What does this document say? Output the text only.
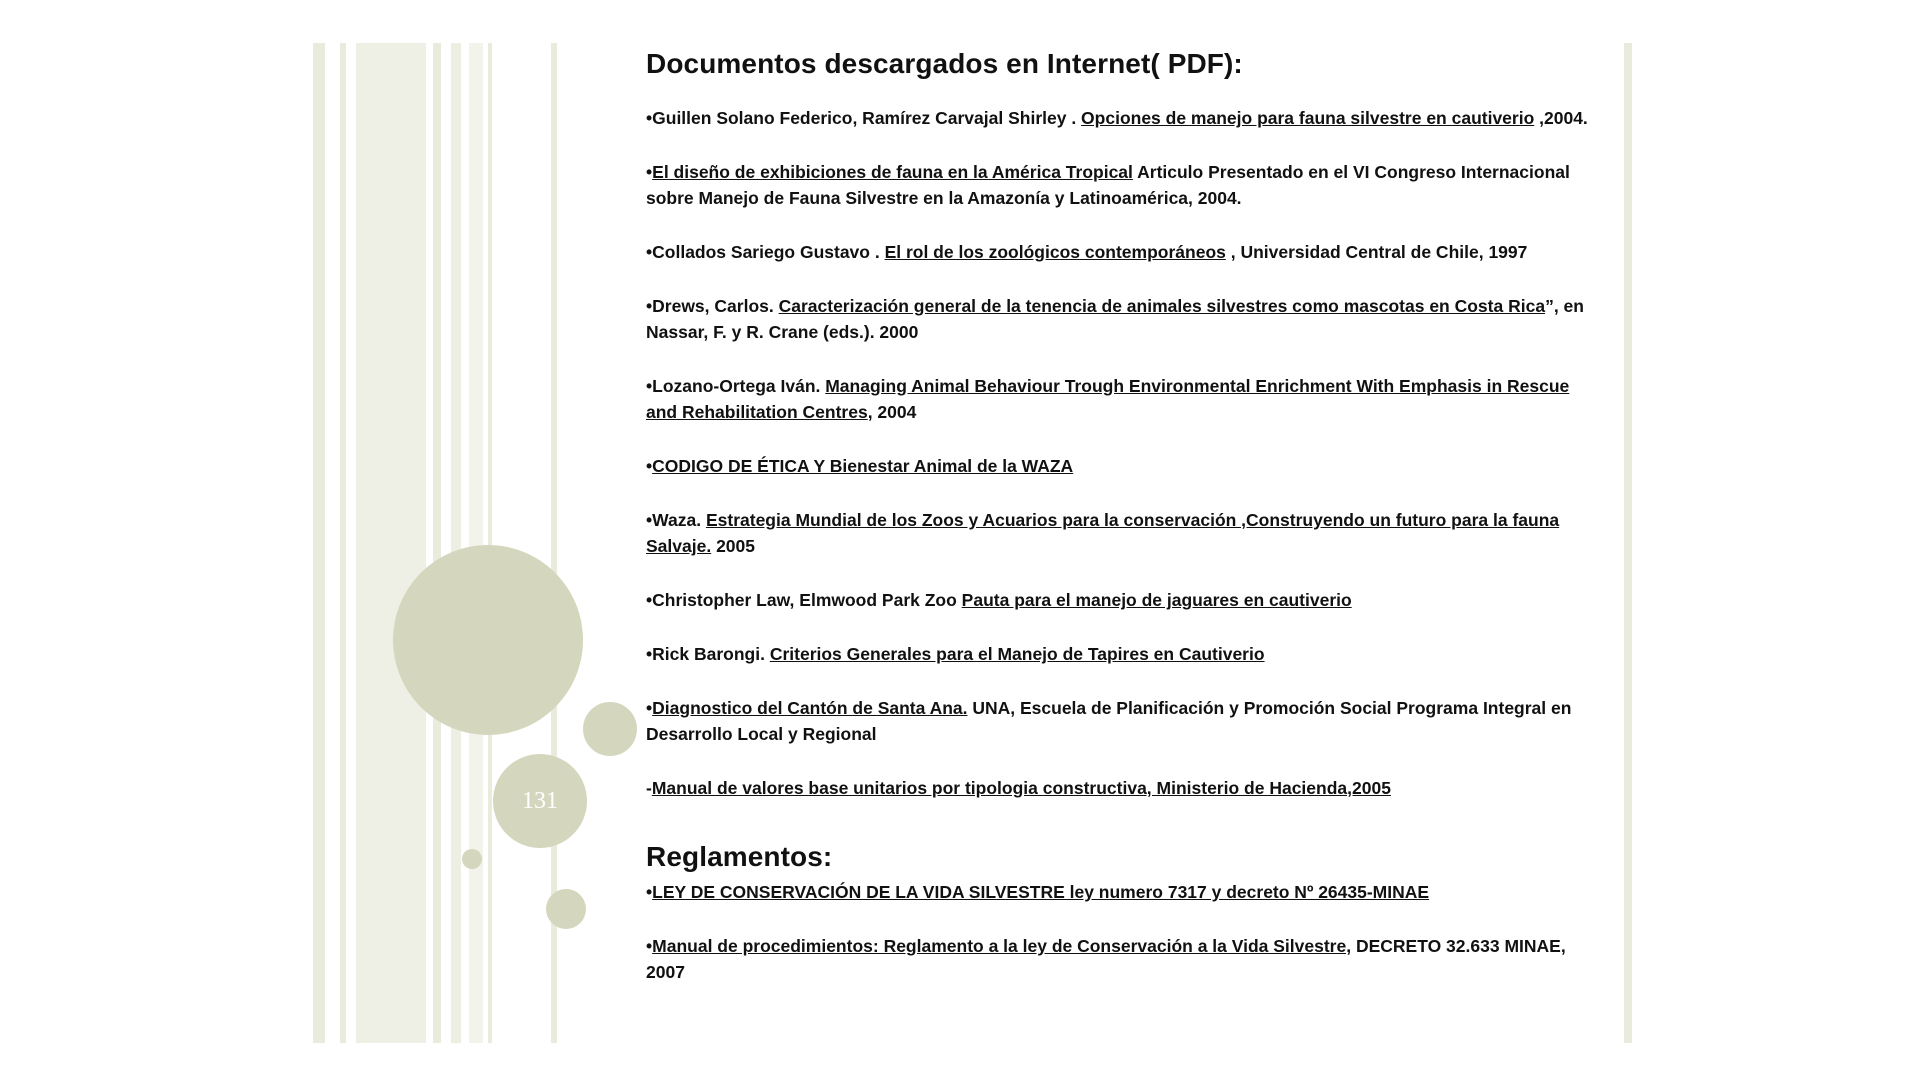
131
Documentos descargados en Internet( PDF):
•Guillen Solano Federico, Ramírez Carvajal Shirley . Opciones de manejo para fauna silvestre en cautiverio ,2004.
•El diseño de exhibiciones de fauna en la América Tropical Articulo Presentado en el VI Congreso Internacional sobre Manejo de Fauna Silvestre en la Amazonía y Latinoamérica, 2004.
•Collados Sariego Gustavo . El rol de los zoológicos contemporáneos , Universidad Central de Chile, 1997
•Drews, Carlos. Caracterización general de la tenencia de animales silvestres como mascotas en Costa Rica”, en Nassar, F. y R. Crane (eds.). 2000
•Lozano-Ortega Iván. Managing Animal Behaviour Trough Environmental Enrichment With Emphasis in Rescue and Rehabilitation Centres, 2004
•CODIGO DE ÉTICA Y Bienestar Animal de la WAZA
•Waza. Estrategia Mundial de los Zoos y Acuarios para la conservación ,Construyendo un futuro para la fauna Salvaje. 2005
•Christopher Law, Elmwood Park Zoo Pauta para el manejo de jaguares en cautiverio
•Rick Barongi. Criterios Generales para el Manejo de Tapires en Cautiverio
•Diagnostico del Cantón de Santa Ana. UNA, Escuela de Planificación y Promoción Social Programa Integral en Desarrollo Local y Regional
-Manual de valores base unitarios por tipologia constructiva, Ministerio de Hacienda,2005
Reglamentos:
•LEY DE CONSERVACIÓN DE LA VIDA SILVESTRE ley numero 7317 y decreto Nº 26435-MINAE
•Manual de procedimientos: Reglamento a la ley de Conservación a la Vida Silvestre, DECRETO 32.633 MINAE, 2007
